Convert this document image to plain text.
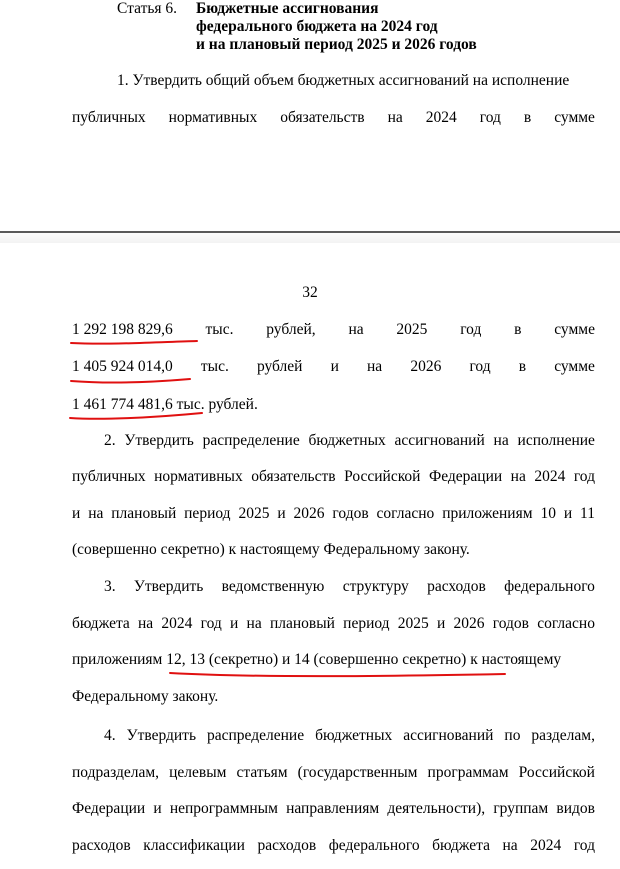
Статья 6. Бюджетные ассигнования
федерального бюджета на 2024 год
и на плановый период 2025 и 2026 годов
1. Утвердить общий объем бюджетных ассигнований на исполнение
публичных нормативных обязательств на 2024 год в сумме
32
1 292 198 829,6 тыс. рублей, на 2025 год в сумме
1 405 924 014,0 тыс. рублей и на 2026 год в сумме
1 461 774 481,6 тыс. рублей.
2. Утвердить распределение бюджетных ассигнований на исполнение
публичных нормативных обязательств Российской Федерации на 2024 год
и на плановый период 2025 и 2026 годов согласно приложениям 10 и 11
(совершенно секретно) к настоящему Федеральному закону.
3. Утвердить ведомственную структуру расходов федерального
бюджета на 2024 год и на плановый период 2025 и 2026 годов согласно
приложениям 12, 13 (секретно) и 14 (совершенно секретно) к настоящему
Федеральному закону.
4. Утвердить распределение бюджетных ассигнований по разделам,
подразделам, целевым статьям (государственным программам Российской
Федерации и непрограммным направлениям деятельности), группам видов
расходов классификации расходов федерального бюджета на 2024 год
